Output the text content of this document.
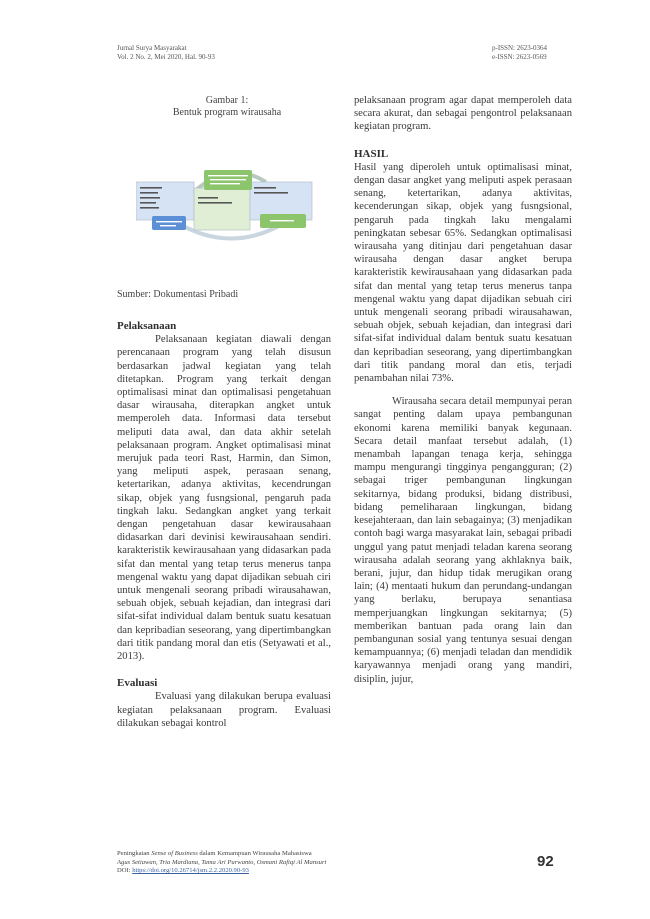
Jurnal Surya Masyarakat
Vol. 2 No. 2, Mei 2020, Hal. 90-93
p-ISSN: 2623-0364
e-ISSN: 2623-0569
Gambar 1:
Bentuk program wirausaha
Sumber: Dokumentasi Pribadi

Pelaksanaan

Pelaksanaan kegiatan diawali dengan perencanaan program yang telah disusun berdasarkan jadwal kegiatan yang telah ditetapkan. Program yang terkait dengan optimalisasi minat dan optimalisasi pengetahuan dasar wirausaha, diterapkan angket untuk memperoleh data. Informasi data tersebut meliputi data awal, dan data akhir setelah pelaksanaan program. Angket optimalisasi minat merujuk pada teori Rast, Harmin, dan Simon, yang meliputi aspek, perasaan senang, ketertarikan, adanya aktivitas, kecendrungan sikap, objek yang fusngsional, pengaruh pada tingkah laku. Sedangkan angket yang terkait dengan pengetahuan dasar kewirausahaan didasarkan dari devinisi kewirausahaan sendiri. karakteristik kewirausahaan yang didasarkan pada sifat dan mental yang tetap terus menerus tanpa mengenal waktu yang dapat dijadikan sebuah ciri untuk mengenali seorang pribadi wirausahawan, sebuah objek, sebuah kejadian, dan integrasi dari sifat-sifat individual dalam bentuk suatu kesatuan dan kepribadian seseorang, yang dipertimbangkan dari titik pandang moral dan etis (Setyawati et al., 2013).

Evaluasi

Evaluasi yang dilakukan berupa evaluasi kegiatan pelaksanaan program. Evaluasi dilakukan sebagai kontrol

pelaksanaan program agar dapat memperoleh data secara akurat, dan sebagai pengontrol pelaksanaan kegiatan program.

HASIL

Hasil yang diperoleh untuk optimalisasi minat, dengan dasar angket yang meliputi aspek perasaan senang, ketertarikan, adanya aktivitas, kecenderungan sikap, objek yang fusngsional, pengaruh pada tingkah laku mengalami peningkatan sebesar 65%. Sedangkan optimalisasi wirausaha yang ditinjau dari pengetahuan dasar wirausaha dengan dasar angket berupa karakteristik kewirausahaan yang didasarkan pada sifat dan mental yang tetap terus menerus tanpa mengenal waktu yang dapat dijadikan sebuah ciri untuk mengenali seorang pribadi wirausahawan, sebuah objek, sebuah kejadian, dan integrasi dari sifat-sifat individual dalam bentuk suatu kesatuan dan kepribadian seseorang, yang dipertimbangkan dari titik pandang moral dan etis, terjadi penambahan nilai 73%.

Wirausaha secara detail mempunyai peran sangat penting dalam upaya pembangunan ekonomi karena memiliki banyak kegunaan. Secara detail manfaat tersebut adalah, (1) menambah lapangan tenaga kerja, sehingga mampu mengurangi tingginya pengangguran; (2) sebagai triger pembangunan lingkungan sekitarnya, bidang produksi, bidang distribusi, bidang pemeliharaan lingkungan, bidang kesejahteraan, dan lain sebagainya; (3) menjadikan contoh bagi warga masyarakat lain, sebagai pribadi unggul yang patut menjadi teladan karena seorang wirausaha adalah seorang yang akhlaknya baik, berani, jujur, dan hidup tidak merugikan orang lain; (4) mentaati hukum dan perundang-undangan yang berlaku, berupaya senantiasa memperjuangkan lingkungan sekitarnya; (5) memberikan bantuan pada orang lain dan pembangunan sosial yang tentunya sesuai dengan kemampuannya; (6) menjadi teladan dan mendidik karyawannya menjadi orang yang mandiri, disiplin, jujur,

Peningkatan Sense of Business dalam Kemampuan Wirausaha Mahasiswa
Agus Setiawan, Tria Mardiana, Tama Ari Purwanto, Osmani Rafiqi Al Mansuri
DOI: https://doi.org/10.26714/jsm.2.2.2020.90-93
92
